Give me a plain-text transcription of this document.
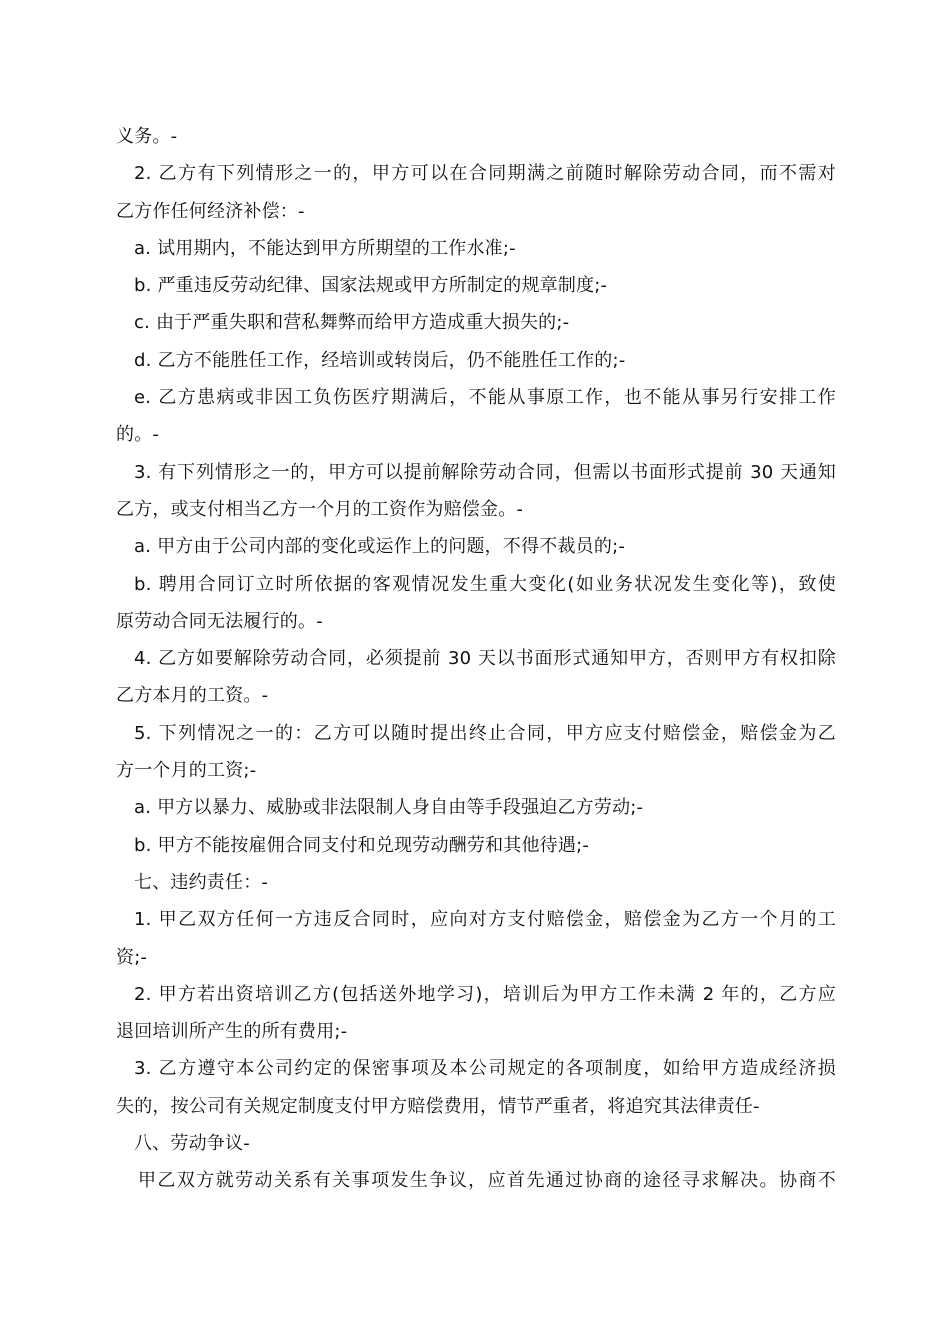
义务。-
2. 乙方有下列情形之一的，甲方可以在合同期满之前随时解除劳动合同，而不需对
乙方作任何经济补偿：-
a. 试用期内，不能达到甲方所期望的工作水准;-
b. 严重违反劳动纪律、国家法规或甲方所制定的规章制度;-
c. 由于严重失职和营私舞弊而给甲方造成重大损失的;-
d. 乙方不能胜任工作，经培训或转岗后，仍不能胜任工作的;-
e. 乙方患病或非因工负伤医疗期满后，不能从事原工作，也不能从事另行安排工作
的。-
3. 有下列情形之一的，甲方可以提前解除劳动合同，但需以书面形式提前 30 天通知
乙方，或支付相当乙方一个月的工资作为赔偿金。-
a. 甲方由于公司内部的变化或运作上的问题，不得不裁员的;-
b. 聘用合同订立时所依据的客观情况发生重大变化(如业务状况发生变化等)，致使
原劳动合同无法履行的。-
4. 乙方如要解除劳动合同，必须提前 30 天以书面形式通知甲方，否则甲方有权扣除
乙方本月的工资。-
5. 下列情况之一的：乙方可以随时提出终止合同，甲方应支付赔偿金，赔偿金为乙
方一个月的工资;-
a. 甲方以暴力、威胁或非法限制人身自由等手段强迫乙方劳动;-
b. 甲方不能按雇佣合同支付和兑现劳动酬劳和其他待遇;-
七、违约责任：-
1. 甲乙双方任何一方违反合同时，应向对方支付赔偿金，赔偿金为乙方一个月的工
资;-
2. 甲方若出资培训乙方(包括送外地学习)，培训后为甲方工作未满 2 年的，乙方应
退回培训所产生的所有费用;-
3. 乙方遵守本公司约定的保密事项及本公司规定的各项制度，如给甲方造成经济损
失的，按公司有关规定制度支付甲方赔偿费用，情节严重者，将追究其法律责任-
八、劳动争议-
甲乙双方就劳动关系有关事项发生争议，应首先通过协商的途径寻求解决。协商不
